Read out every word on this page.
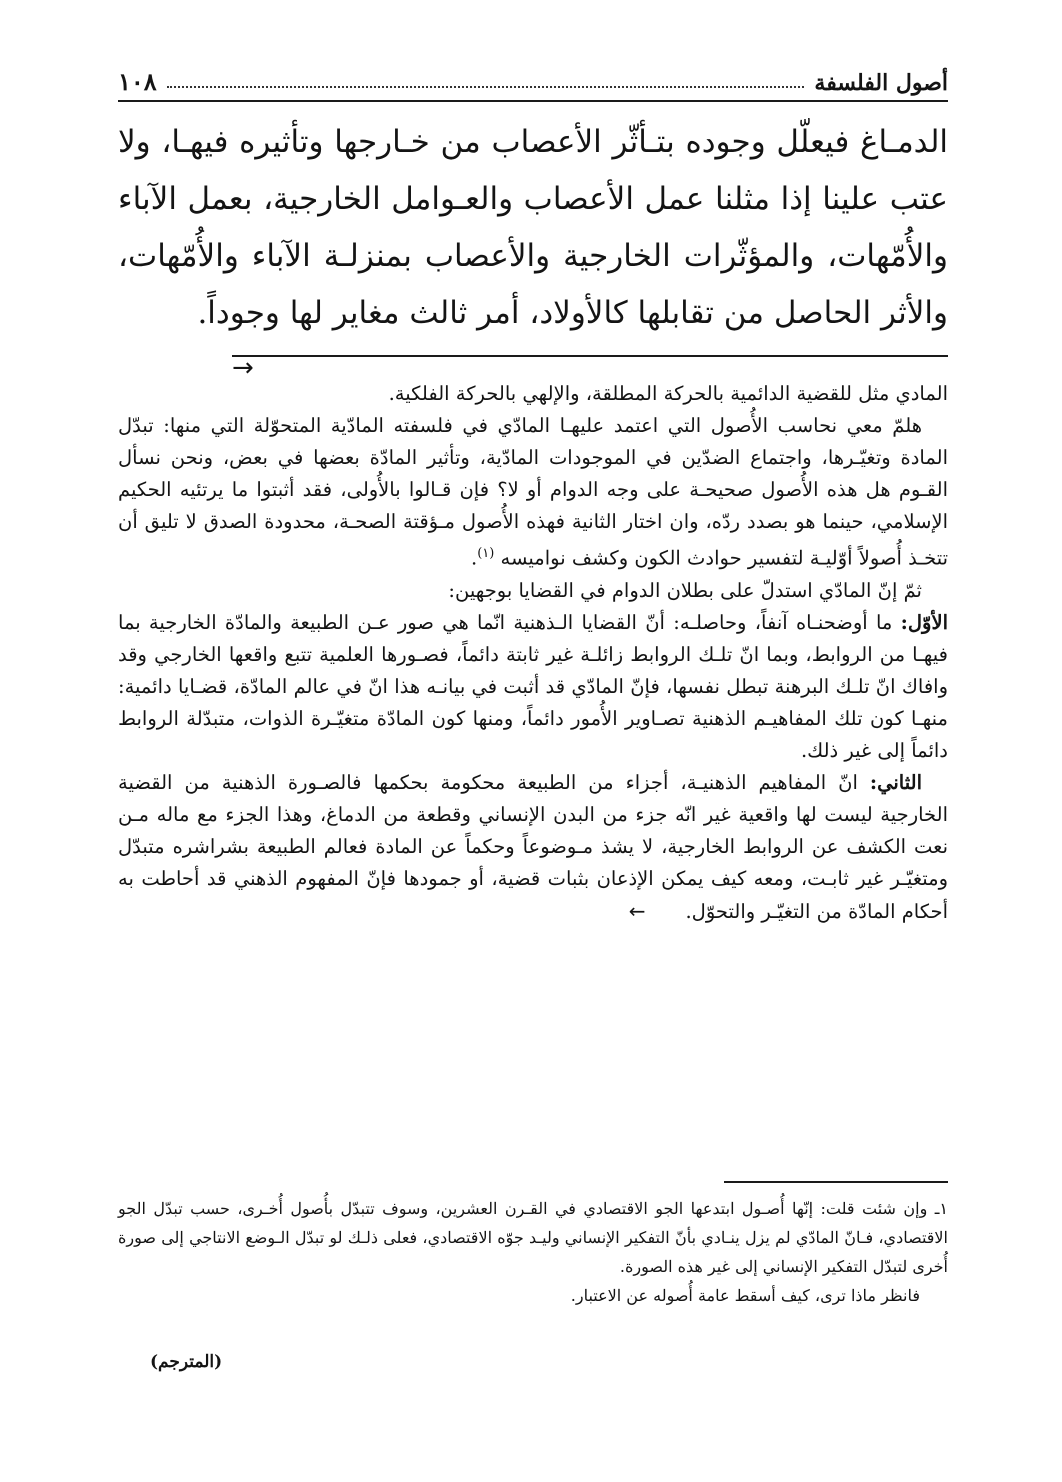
أصول الفلسفة
١٠٨
الدمـاغ فيعلّل وجوده بتـأثّر الأعصاب من خـارجها وتأثيره فيهـا، ولا عتب علينا إذا مثلنا عمل الأعصاب والعـوامل الخارجية، بعمل الآباء والأُمّهات، والمؤثّرات الخارجية والأعصاب بمنزلـة الآباء والأُمّهات، والأثر الحاصل من تقابلها كالأولاد، أمر ثالث مغاير لها وجوداً.
→

المادي مثل للقضية الدائمية بالحركة المطلقة، والإلهي بالحركة الفلكية.

هلمّ معي نحاسب الأُصول التي اعتمد عليهـا المادّي في فلسفته المادّية المتحوّلة التي منها: تبدّل المادة وتغيّـرها، واجتماع الضدّين في الموجودات المادّية، وتأثير المادّة بعضها في بعض، ونحن نسأل القـوم هل هذه الأُصول صحيحـة على وجه الدوام أو لا؟ فإن قـالوا بالأُولى، فقد أثبتوا ما يرتئيه الحكيم الإسلامي، حينما هو بصدد ردّه، وان اختار الثانية فهذه الأُصول مـؤقتة الصحـة، محدودة الصدق لا تليق أن تتخـذ أُصولاً أوّليـة لتفسير حوادث الكون وكشف نواميسه $^{(١)}$.

ثمّ إنّ المادّي استدلّ على بطلان الدوام في القضايا بوجهين:

الأوّل: ما أوضحنـاه آنفاً، وحاصلـه: أنّ القضايا الـذهنية انّما هي صور عـن الطبيعة والمادّة الخارجية بما فيهـا من الروابط، وبما انّ تلـك الروابط زائلـة غير ثابتة دائماً، فصـورها العلمية تتبع واقعها الخارجي وقد وافاك انّ تلـك البرهنة تبطل نفسها، فإنّ المادّي قد أثبت في بيانـه هذا انّ في عالم المادّة، قضـايا دائمية: منهـا كون تلك المفاهيـم الذهنية تصـاوير الأُمور دائماً، ومنها كون المادّة متغيّـرة الذوات، متبدّلة الروابط دائماً إلى غير ذلك.

الثاني: انّ المفاهيم الذهنيـة، أجزاء من الطبيعة محكومة بحكمها فالصـورة الذهنية من القضية الخارجية ليست لها واقعية غير انّه جزء من البدن الإنساني وقطعة من الدماغ، وهذا الجزء مع ماله مـن نعت الكشف عن الروابط الخارجية، لا يشذ مـوضوعاً وحكماً عن المادة فعالم الطبيعة بشراشره متبدّل ومتغيّـر غير ثابـت، ومعه كيف يمكن الإذعان بثبات قضية، أو جمودها فإنّ المفهوم الذهني قد أحاطت به أحكام المادّة من التغيّـر والتحوّل.←

١ـ وإن شئت قلت: إنّها أُصـول ابتدعها الجو الاقتصادي في القـرن العشرين، وسوف تتبدّل بأُصول أُخـرى، حسب تبدّل الجو الاقتصادي، فـانّ المادّي لم يزل ينـادي بأنّ التفكير الإنساني وليـد جوّه الاقتصادي، فعلى ذلـك لو تبدّل الـوضع الانتاجي إلى صورة أُخرى لتبدّل التفكير الإنساني إلى غير هذه الصورة.

فانظر ماذا ترى، كيف أسقط عامة أُصوله عن الاعتبار.

(المترجم)
